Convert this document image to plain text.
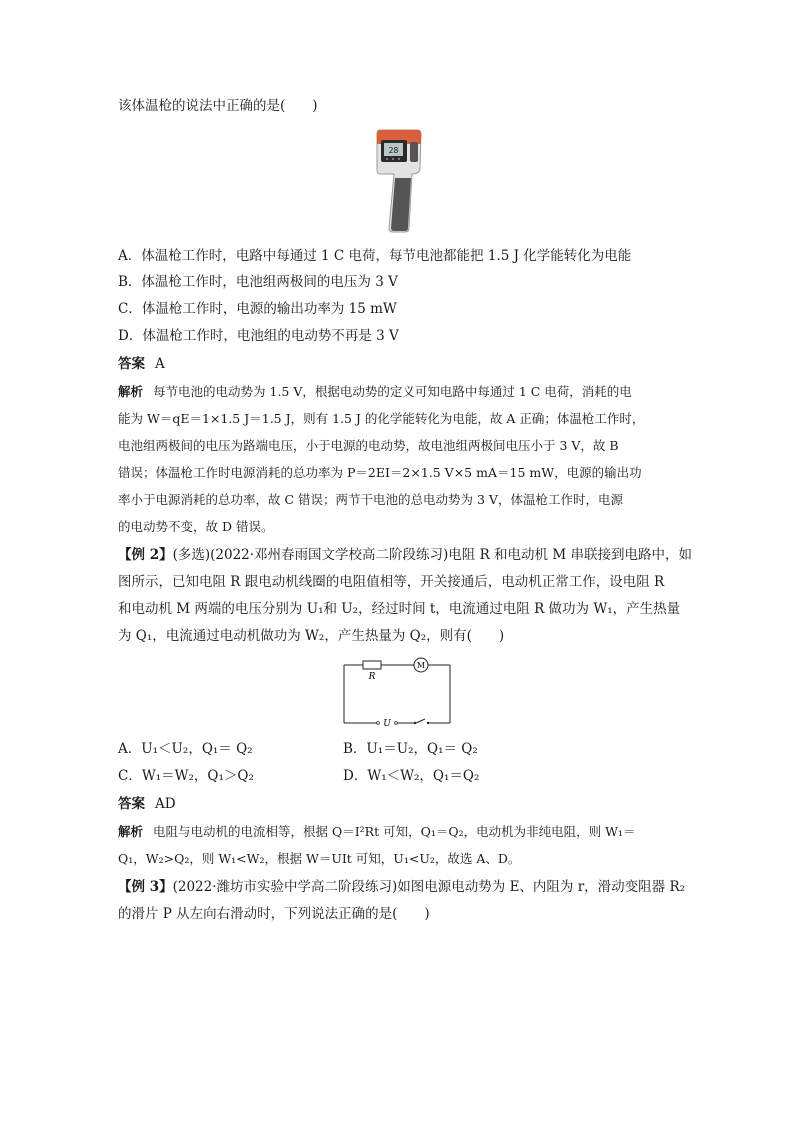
该体温枪的说法中正确的是(　　)
28
A．体温枪工作时，电路中每通过 1 C 电荷，每节电池都能把 1.5 J 化学能转化为电能
B．体温枪工作时，电池组两极间的电压为 3 V
C．体温枪工作时，电源的输出功率为 15 mW
D．体温枪工作时，电池组的电动势不再是 3 V
答案 A
解析 每节电池的电动势为 1.5 V，根据电动势的定义可知电路中每通过 1 C 电荷，消耗的电
能为 W＝qE＝1×1.5 J＝1.5 J，则有 1.5 J 的化学能转化为电能，故 A 正确；体温枪工作时，
电池组两极间的电压为路端电压，小于电源的电动势，故电池组两极间电压小于 3 V，故 B
错误；体温枪工作时电源消耗的总功率为 P＝2EI＝2×1.5 V×5 mA＝15 mW，电源的输出功
率小于电源消耗的总功率，故 C 错误；两节干电池的总电动势为 3 V，体温枪工作时，电源
的电动势不变，故 D 错误。
【例 2】(多选)(2022·邓州春雨国文学校高二阶段练习)电阻 R 和电动机 M 串联接到电路中，如
图所示，已知电阻 R 跟电动机线圈的电阻值相等，开关接通后，电动机正常工作，设电阻 R
和电动机 M 两端的电压分别为 U₁和 U₂，经过时间 t，电流通过电阻 R 做功为 W₁，产生热量
为 Q₁，电流通过电动机做功为 W₂，产生热量为 Q₂，则有(　　)
R
M
U
A．U₁＜U₂，Q₁＝ Q₂	B．U₁＝U₂，Q₁＝ Q₂
C．W₁＝W₂，Q₁＞Q₂	D．W₁＜W₂，Q₁＝Q₂
答案 AD
解析 电阻与电动机的电流相等，根据 Q＝I²Rt 可知，Q₁＝Q₂，电动机为非纯电阻，则 W₁＝
Q₁，W₂>Q₂，则 W₁<W₂，根据 W＝UIt 可知，U₁<U₂，故选 A、D。
【例 3】(2022·潍坊市实验中学高二阶段练习)如图电源电动势为 E、内阻为 r，滑动变阻器 R₂
的滑片 P 从左向右滑动时，下列说法正确的是(　　)
